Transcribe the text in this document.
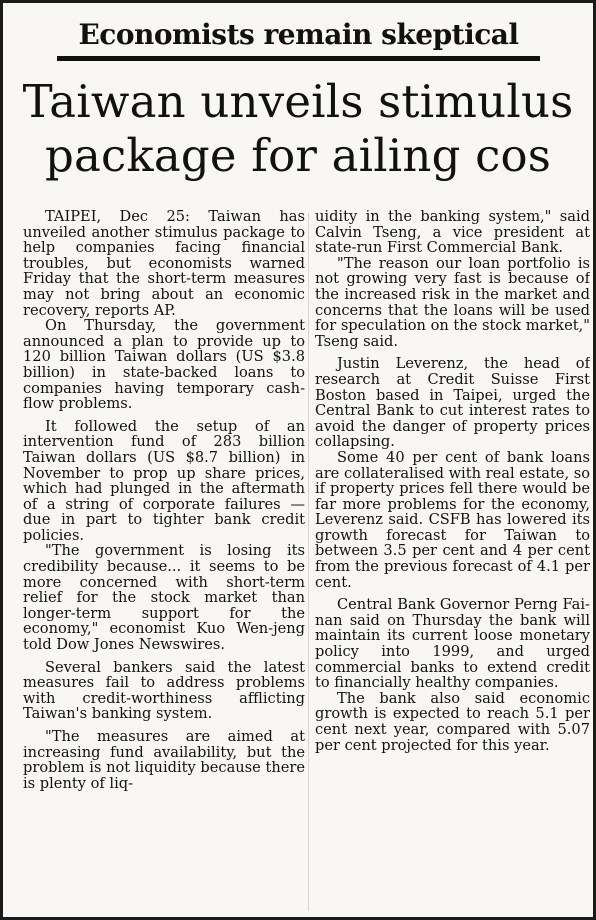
Economists remain skeptical
Taiwan unveils stimulus
package for ailing cos

TAIPEI, Dec 25: Taiwan has unveiled another stimulus package to help companies facing financial troubles, but economists warned Friday that the short-term measures may not bring about an economic recovery, reports AP.

On Thursday, the government announced a plan to provide up to 120 billion Taiwan dollars (US $3.8 billion) in state-backed loans to companies having temporary cash-flow problems.

It followed the setup of an intervention fund of 283 billion Taiwan dollars (US $8.7 billion) in November to prop up share prices, which had plunged in the aftermath of a string of corporate failures — due in part to tighter bank credit policies.

"The government is losing its credibility because... it seems to be more concerned with short-term relief for the stock market than longer-term support for the economy," economist Kuo Wen-jeng told Dow Jones Newswires.

Several bankers said the latest measures fail to address problems with credit-worthiness afflicting Taiwan's banking system.

"The measures are aimed at increasing fund availability, but the problem is not liquidity because there is plenty of liq-

uidity in the banking system," said Calvin Tseng, a vice president at state-run First Commercial Bank.

"The reason our loan portfolio is not growing very fast is because of the increased risk in the market and concerns that the loans will be used for speculation on the stock market," Tseng said.

Justin Leverenz, the head of research at Credit Suisse First Boston based in Taipei, urged the Central Bank to cut interest rates to avoid the danger of property prices collapsing.

Some 40 per cent of bank loans are collateralised with real estate, so if property prices fell there would be far more problems for the economy, Leverenz said. CSFB has lowered its growth forecast for Taiwan to between 3.5 per cent and 4 per cent from the previous forecast of 4.1 per cent.

Central Bank Governor Perng Fai-nan said on Thursday the bank will maintain its current loose monetary policy into 1999, and urged commercial banks to extend credit to financially healthy companies.

The bank also said economic growth is expected to reach 5.1 per cent next year, compared with 5.07 per cent projected for this year.
